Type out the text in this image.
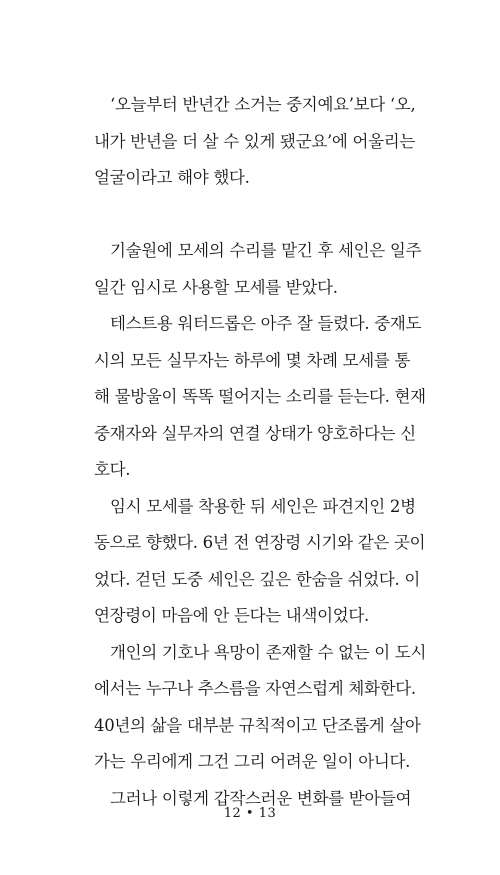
‘오늘부터 반년간 소거는 중지예요’보다 ‘오,
내가 반년을 더 살 수 있게 됐군요’에 어울리는
얼굴이라고 해야 했다.
기술원에 모세의 수리를 맡긴 후 세인은 일주
일간 임시로 사용할 모세를 받았다.
테스트용 워터드롭은 아주 잘 들렸다. 중재도
시의 모든 실무자는 하루에 몇 차례 모세를 통
해 물방울이 똑똑 떨어지는 소리를 듣는다. 현재
중재자와 실무자의 연결 상태가 양호하다는 신
호다.
임시 모세를 착용한 뒤 세인은 파견지인 2병
동으로 향했다. 6년 전 연장령 시기와 같은 곳이
었다. 걷던 도중 세인은 깊은 한숨을 쉬었다. 이
연장령이 마음에 안 든다는 내색이었다.
개인의 기호나 욕망이 존재할 수 없는 이 도시
에서는 누구나 추스름을 자연스럽게 체화한다.
40년의 삶을 대부분 규칙적이고 단조롭게 살아
가는 우리에게 그건 그리 어려운 일이 아니다.
그러나 이렇게 갑작스러운 변화를 받아들여
12 • 13
